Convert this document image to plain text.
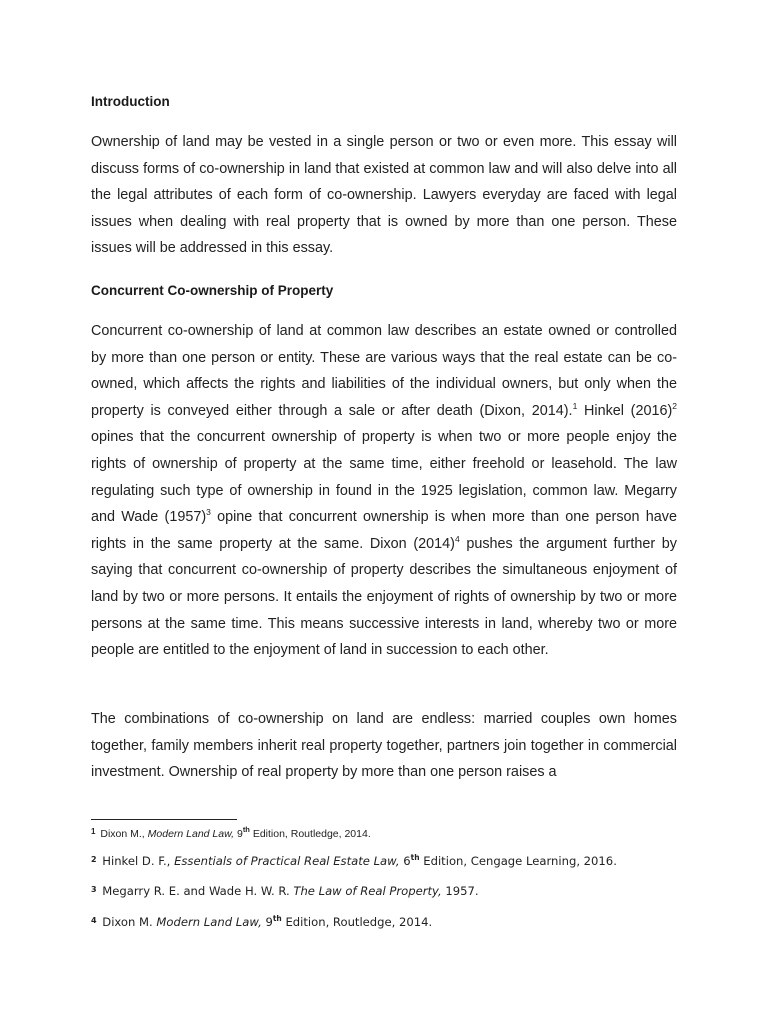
Introduction

Ownership of land may be vested in a single person or two or even more. This essay will discuss forms of co-ownership in land that existed at common law and will also delve into all the legal attributes of each form of co-ownership. Lawyers everyday are faced with legal issues when dealing with real property that is owned by more than one person. These issues will be addressed in this essay.

Concurrent Co-ownership of Property

Concurrent co-ownership of land at common law describes an estate owned or controlled by more than one person or entity. These are various ways that the real estate can be co-owned, which affects the rights and liabilities of the individual owners, but only when the property is conveyed either through a sale or after death (Dixon, 2014).$^1$ Hinkel $(2016)^2$ opines that the concurrent ownership of property is when two or more people enjoy the rights of ownership of property at the same time, either freehold or leasehold. The law regulating such type of ownership in found in the 1925 legislation, common law. Megarry and Wade $(1957)^3$ opine that concurrent ownership is when more than one person have rights in the same property at the same. Dixon $(2014)^4$ pushes the argument further by saying that concurrent co-ownership of property describes the simultaneous enjoyment of land by two or more persons. It entails the enjoyment of rights of ownership by two or more persons at the same time. This means successive interests in land, whereby two or more people are entitled to the enjoyment of land in succession to each other.

The combinations of co-ownership on land are endless: married couples own homes together, family members inherit real property together, partners join together in commercial investment. Ownership of real property by more than one person raises a

$^1$ Dixon M., Modern Land Law, 9th Edition, Routledge, 2014.

$^2$ Hinkel D. F., Essentials of Practical Real Estate Law, 6th Edition, Cengage Learning, 2016.

$^3$ Megarry R. E. and Wade H. W. R. The Law of Real Property, 1957.

$^4$ Dixon M. Modern Land Law, 9th Edition, Routledge, 2014.
